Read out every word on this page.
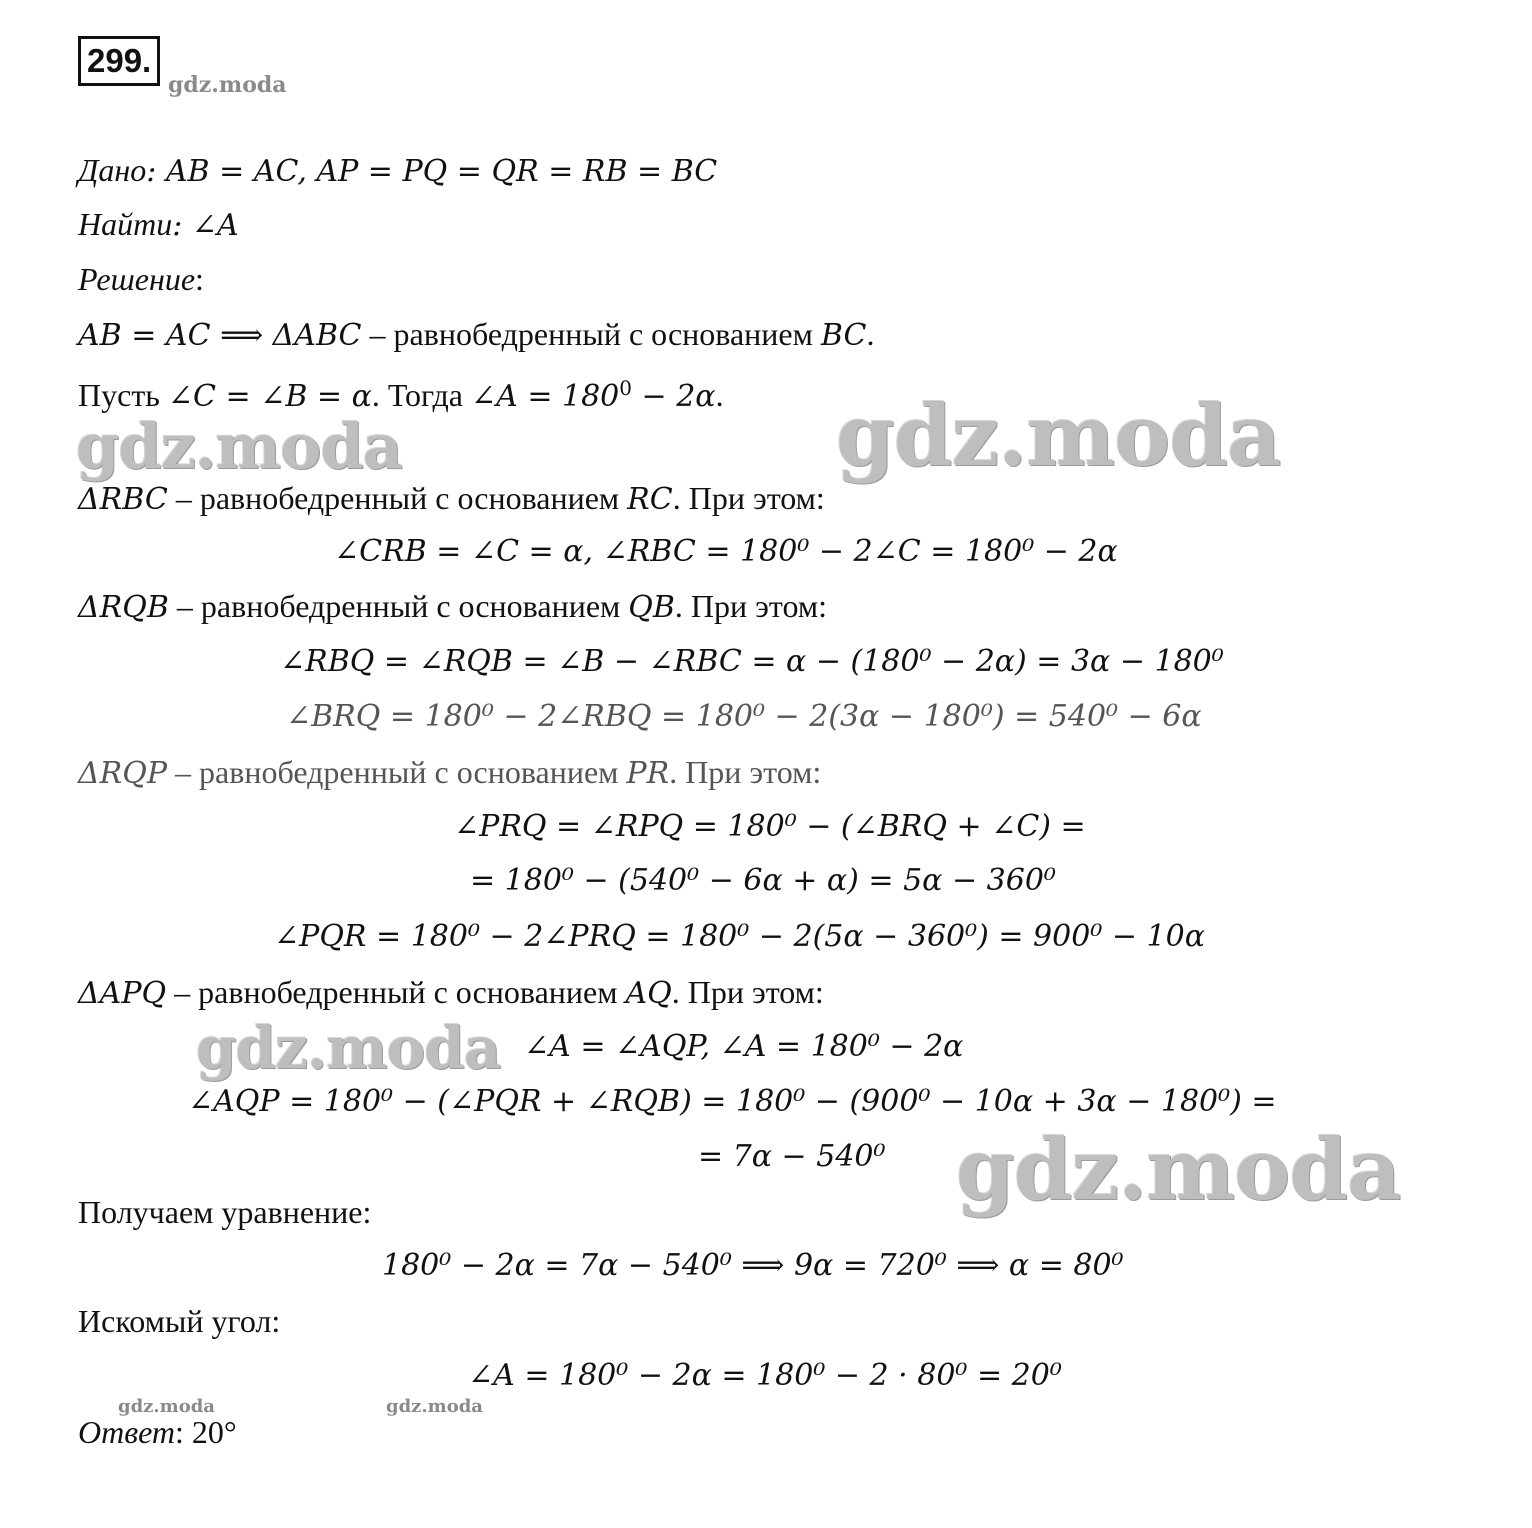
299.
gdz.moda
Дано: AB = AC, AP = PQ = QR = RB = BC
Найти: ∠A
Решение:
AB = AC ⟹ ΔABC – равнобедренный с основанием BC.
Пусть ∠C = ∠B = α. Тогда ∠A = $180^0 - 2\alpha$.
gdz.moda	gdz.moda
ΔRBC – равнобедренный с основанием RC. При этом:
∠CRB = ∠C = α, ∠RBC = 180⁰ − 2∠C = 180⁰ − 2α
ΔRQB – равнобедренный с основанием QB. При этом:
∠RBQ = ∠RQB = ∠B − ∠RBC = α − (180⁰ − 2α) = 3α − 180⁰
∠BRQ = 180⁰ − 2∠RBQ = 180⁰ − 2(3α − 180⁰) = 540⁰ − 6α
ΔRQP – равнобедренный с основанием PR. При этом:
∠PRQ = ∠RPQ = 180⁰ − (∠BRQ + ∠C) =
= 180⁰ − (540⁰ − 6α + α) = 5α − 360⁰
∠PQR = 180⁰ − 2∠PRQ = 180⁰ − 2(5α − 360⁰) = 900⁰ − 10α
ΔAPQ – равнобедренный с основанием AQ. При этом:
gdz.moda ∠A = ∠AQP, ∠A = 180⁰ − 2α
∠AQP = 180⁰ − (∠PQR + ∠RQB) = 180⁰ − (900⁰ − 10α + 3α − 180⁰) =
= 7α − 540⁰ gdz.moda
Получаем уравнение:
180⁰ − 2α = 7α − 540⁰ ⟹ 9α = 720⁰ ⟹ α = 80⁰
Искомый угол:
∠A = 180⁰ − 2α = 180⁰ − 2 · 80⁰ = 20⁰
gdz.moda	gdz.moda
Ответ: 20°
